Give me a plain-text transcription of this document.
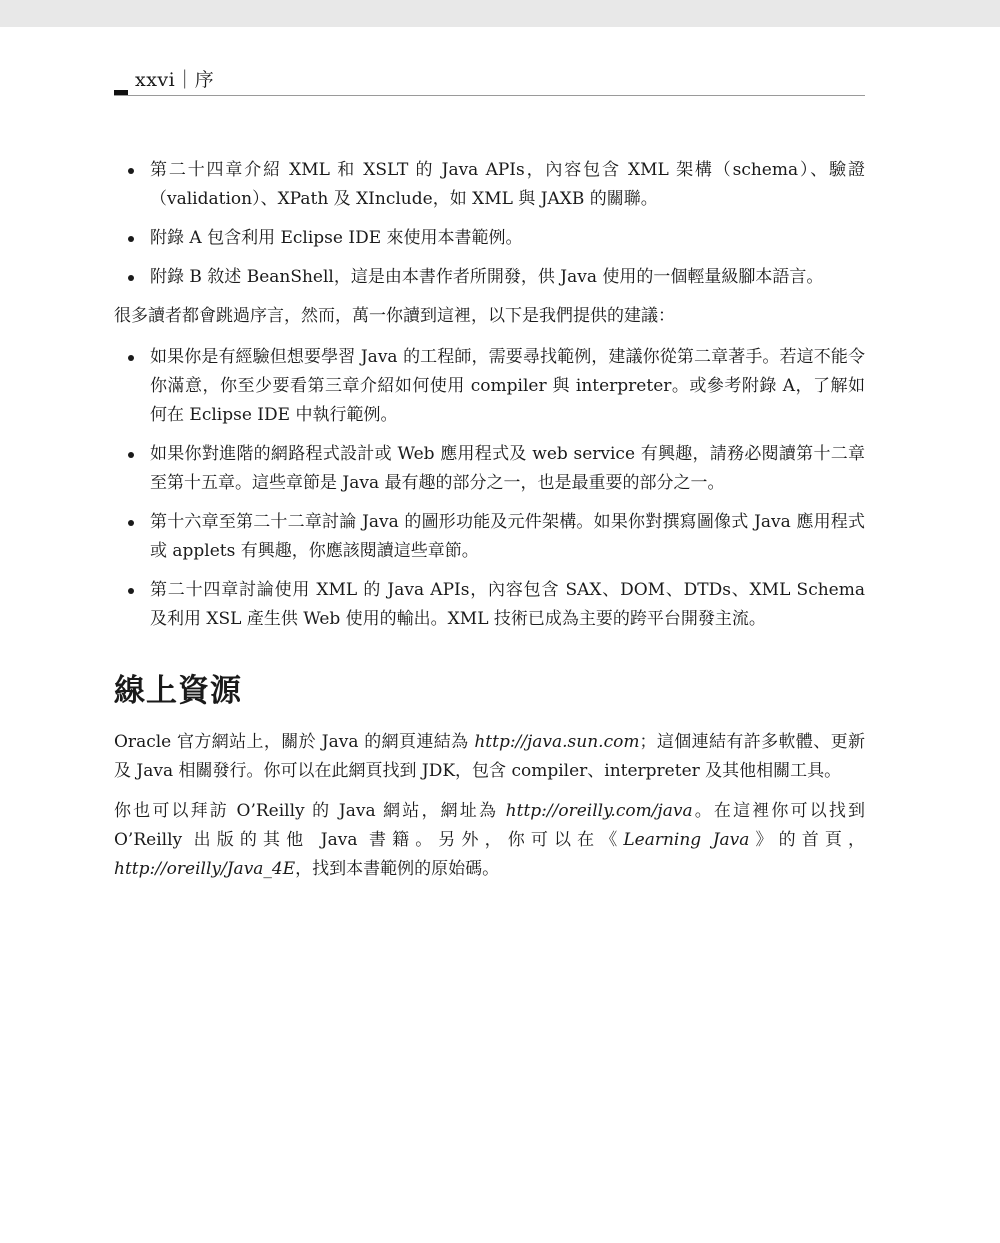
xxvi｜序
第二十四章介紹 XML 和 XSLT 的 Java APIs，內容包含 XML 架構（schema）、驗證（validation）、XPath 及 XInclude，如 XML 與 JAXB 的關聯。
附錄 A 包含利用 Eclipse IDE 來使用本書範例。
附錄 B 敘述 BeanShell，這是由本書作者所開發，供 Java 使用的一個輕量級腳本語言。

很多讀者都會跳過序言，然而，萬一你讀到這裡，以下是我們提供的建議：

如果你是有經驗但想要學習 Java 的工程師，需要尋找範例，建議你從第二章著手。若這不能令你滿意，你至少要看第三章介紹如何使用 compiler 與 interpreter。或參考附錄 A，了解如何在 Eclipse IDE 中執行範例。
如果你對進階的網路程式設計或 Web 應用程式及 web service 有興趣，請務必閱讀第十二章至第十五章。這些章節是 Java 最有趣的部分之一，也是最重要的部分之一。
第十六章至第二十二章討論 Java 的圖形功能及元件架構。如果你對撰寫圖像式 Java 應用程式或 applets 有興趣，你應該閱讀這些章節。
第二十四章討論使用 XML 的 Java APIs，內容包含 SAX、DOM、DTDs、XML Schema 及利用 XSL 產生供 Web 使用的輸出。XML 技術已成為主要的跨平台開發主流。
線上資源

Oracle 官方網站上，關於 Java 的網頁連結為 http://java.sun.com；這個連結有許多軟體、更新及 Java 相關發行。你可以在此網頁找到 JDK，包含 compiler、interpreter 及其他相關工具。

你也可以拜訪 O’Reilly 的 Java 網站，網址為 http://oreilly.com/java。在這裡你可以找到 O’Reilly 出版的其他 Java 書籍。另外，你可以在《Learning Java》的首頁，http://oreilly/Java_4E，找到本書範例的原始碼。
